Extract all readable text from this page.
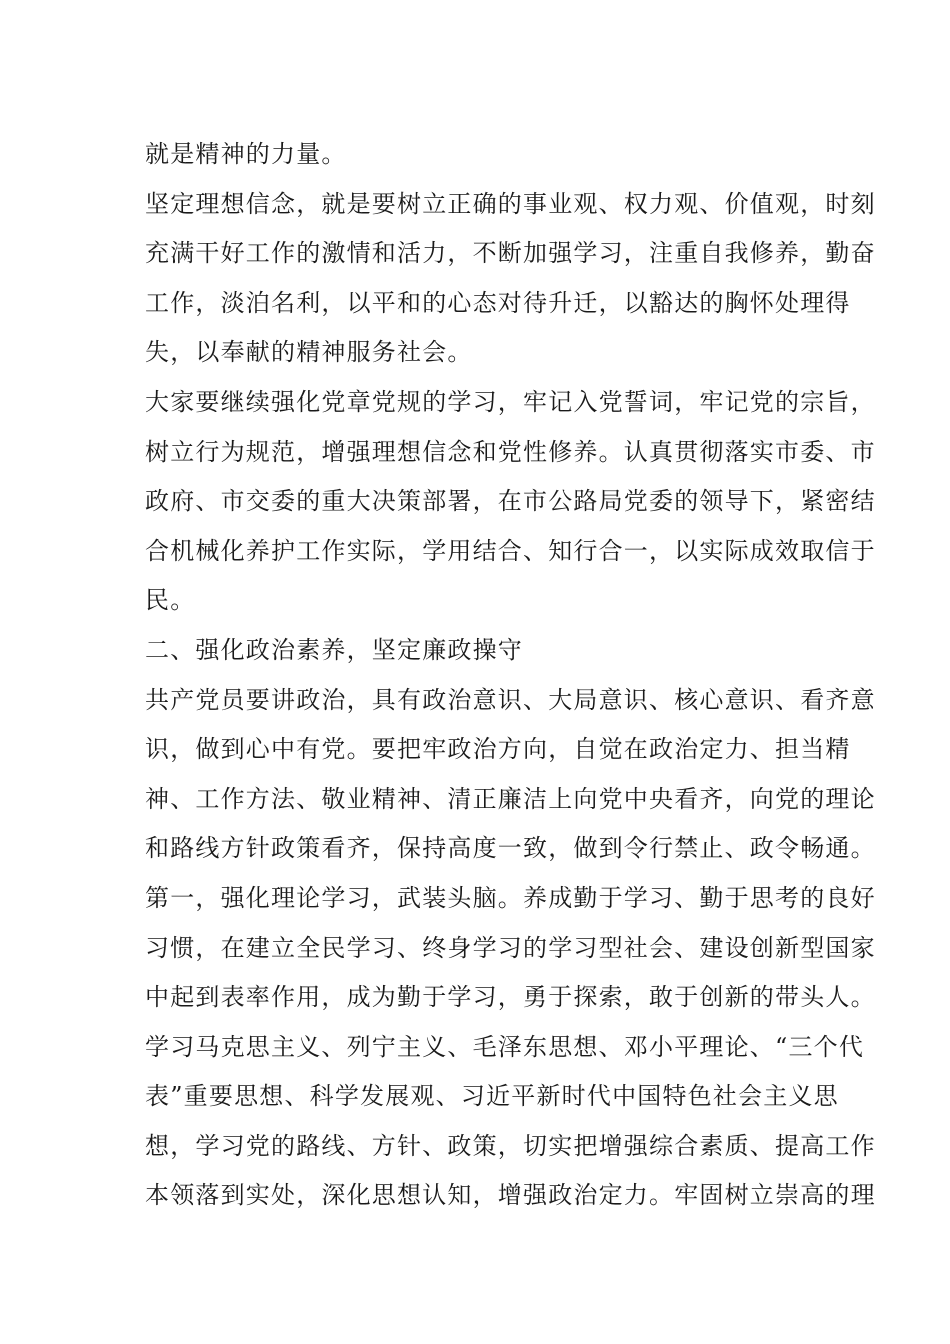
就是精神的力量。
坚定理想信念，就是要树立正确的事业观、权力观、价值观，时刻
充满干好工作的激情和活力，不断加强学习，注重自我修养，勤奋
工作，淡泊名利，以平和的心态对待升迁，以豁达的胸怀处理得
失，以奉献的精神服务社会。
大家要继续强化党章党规的学习，牢记入党誓词，牢记党的宗旨，
树立行为规范，增强理想信念和党性修养。认真贯彻落实市委、市
政府、市交委的重大决策部署，在市公路局党委的领导下，紧密结
合机械化养护工作实际，学用结合、知行合一，以实际成效取信于
民。
二、强化政治素养，坚定廉政操守
共产党员要讲政治，具有政治意识、大局意识、核心意识、看齐意
识，做到心中有党。要把牢政治方向，自觉在政治定力、担当精
神、工作方法、敬业精神、清正廉洁上向党中央看齐，向党的理论
和路线方针政策看齐，保持高度一致，做到令行禁止、政令畅通。
第一，强化理论学习，武装头脑。养成勤于学习、勤于思考的良好
习惯，在建立全民学习、终身学习的学习型社会、建设创新型国家
中起到表率作用，成为勤于学习，勇于探索，敢于创新的带头人。
学习马克思主义、列宁主义、毛泽东思想、邓小平理论、“三个代
表”重要思想、科学发展观、习近平新时代中国特色社会主义思
想，学习党的路线、方针、政策，切实把增强综合素质、提高工作
本领落到实处，深化思想认知，增强政治定力。牢固树立崇高的理
